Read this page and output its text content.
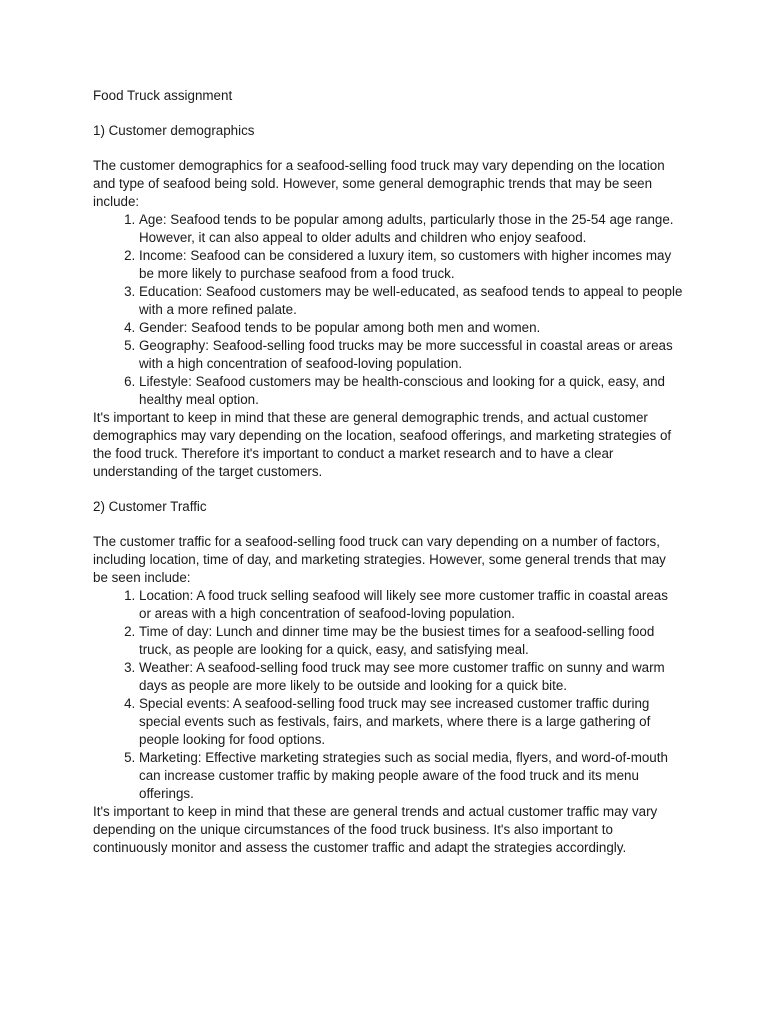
Food Truck assignment
1) Customer demographics

The customer demographics for a seafood-selling food truck may vary depending on the location and type of seafood being sold. However, some general demographic trends that may be seen include:

1. Age: Seafood tends to be popular among adults, particularly those in the 25-54 age range. However, it can also appeal to older adults and children who enjoy seafood.
2. Income: Seafood can be considered a luxury item, so customers with higher incomes may be more likely to purchase seafood from a food truck.
3. Education: Seafood customers may be well-educated, as seafood tends to appeal to people with a more refined palate.
4. Gender: Seafood tends to be popular among both men and women.
5. Geography: Seafood-selling food trucks may be more successful in coastal areas or areas with a high concentration of seafood-loving population.
6. Lifestyle: Seafood customers may be health-conscious and looking for a quick, easy, and healthy meal option.

It's important to keep in mind that these are general demographic trends, and actual customer demographics may vary depending on the location, seafood offerings, and marketing strategies of the food truck. Therefore it's important to conduct a market research and to have a clear understanding of the target customers.

2) Customer Traffic

The customer traffic for a seafood-selling food truck can vary depending on a number of factors, including location, time of day, and marketing strategies. However, some general trends that may be seen include:

1. Location: A food truck selling seafood will likely see more customer traffic in coastal areas or areas with a high concentration of seafood-loving population.
2. Time of day: Lunch and dinner time may be the busiest times for a seafood-selling food truck, as people are looking for a quick, easy, and satisfying meal.
3. Weather: A seafood-selling food truck may see more customer traffic on sunny and warm days as people are more likely to be outside and looking for a quick bite.
4. Special events: A seafood-selling food truck may see increased customer traffic during special events such as festivals, fairs, and markets, where there is a large gathering of people looking for food options.
5. Marketing: Effective marketing strategies such as social media, flyers, and word-of-mouth can increase customer traffic by making people aware of the food truck and its menu offerings.

It's important to keep in mind that these are general trends and actual customer traffic may vary depending on the unique circumstances of the food truck business. It's also important to continuously monitor and assess the customer traffic and adapt the strategies accordingly.
